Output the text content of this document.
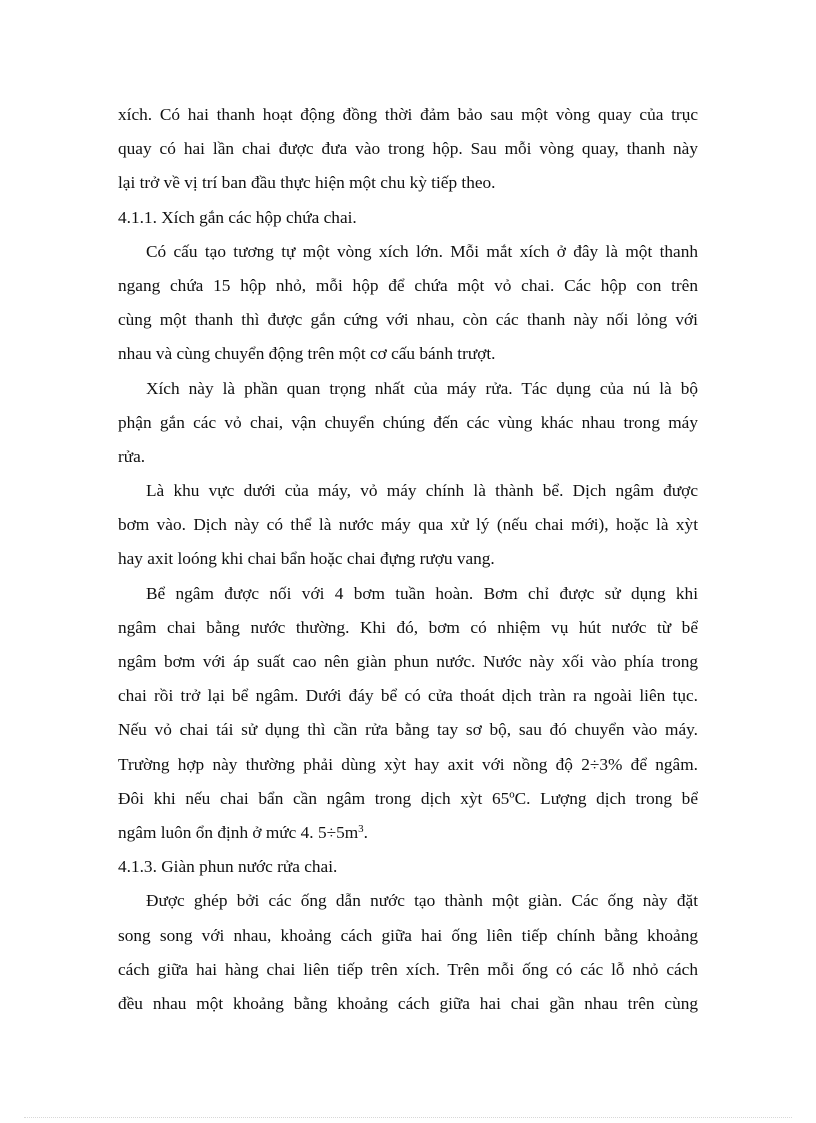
xích. Có hai thanh hoạt động đồng thời đảm bảo sau một vòng quay của trục
quay có hai lần chai được đưa vào trong hộp. Sau mỗi vòng quay, thanh này
lại trở về vị trí ban đầu thực hiện một chu kỳ tiếp theo.
4.1.1. Xích gắn các hộp chứa chai.
Có cấu tạo tương tự một vòng xích lớn. Mỗi mắt xích ở đây là một thanh
ngang chứa 15 hộp nhỏ, mỗi hộp để chứa một vỏ chai. Các hộp con trên
cùng một thanh thì được gắn cứng với nhau, còn các thanh này nối lỏng với
nhau và cùng chuyển động trên một cơ cấu bánh trượt.
Xích này là phần quan trọng nhất của máy rửa. Tác dụng của nú là bộ
phận gắn các vỏ chai, vận chuyển chúng đến các vùng khác nhau trong máy
rửa.
Là khu vực dưới của máy, vỏ máy chính là thành bể. Dịch ngâm được
bơm vào. Dịch này có thể là nước máy qua xử lý (nếu chai mới), hoặc là xỳt
hay axit loóng khi chai bẩn hoặc chai đựng rượu vang.
Bể ngâm được nối với 4 bơm tuần hoàn. Bơm chỉ được sử dụng khi
ngâm chai bằng nước thường. Khi đó, bơm có nhiệm vụ hút nước từ bể
ngâm bơm với áp suất cao nên giàn phun nước. Nước này xối vào phía trong
chai rồi trở lại bể ngâm. Dưới đáy bể có cửa thoát dịch tràn ra ngoài liên tục.
Nếu vỏ chai tái sử dụng thì cần rửa bằng tay sơ bộ, sau đó chuyển vào máy.
Trường hợp này thường phải dùng xỳt hay axit với nồng độ 2÷3% để ngâm.
Đôi khi nếu chai bẩn cần ngâm trong dịch xỳt 65ºC. Lượng dịch trong bể
ngâm luôn ổn định ở mức 4. $5\div 5m^3$.
4.1.3. Giàn phun nước rửa chai.
Được ghép bởi các ống dẫn nước tạo thành một giàn. Các ống này đặt
song song với nhau, khoảng cách giữa hai ống liên tiếp chính bằng khoảng
cách giữa hai hàng chai liên tiếp trên xích. Trên mỗi ống có các lỗ nhỏ cách
đều nhau một khoảng bằng khoảng cách giữa hai chai gần nhau trên cùng
